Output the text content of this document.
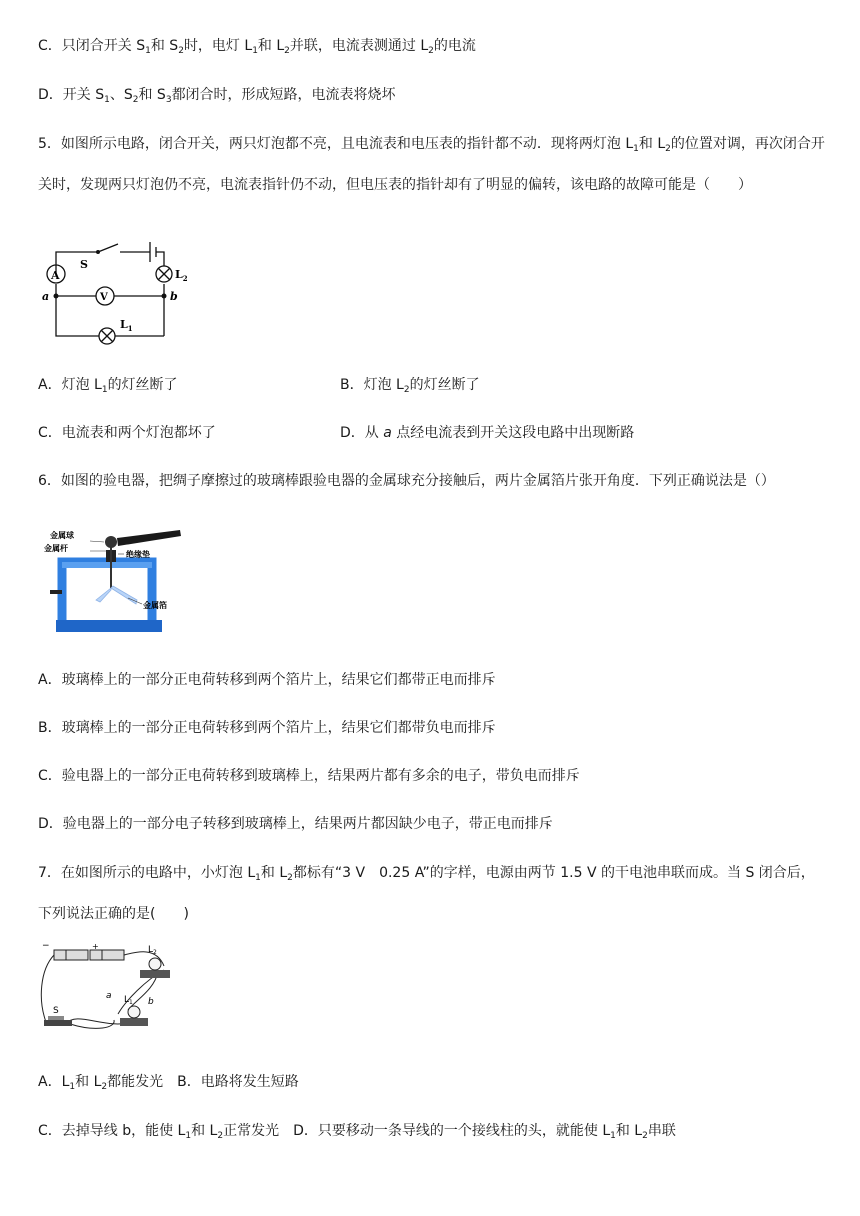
C．只闭合开关 $S_1$和 $S_2$时，电灯 $L_1$和 $L_2$并联，电流表测通过 $L_2$的电流
D．开关 $S_1$、$S_2$和 $S_3$都闭合时，形成短路，电流表将烧坏
5．如图所示电路，闭合开关，两只灯泡都不亮，且电流表和电压表的指针都不动．现将两灯泡 $L_1$和 $L_2$的位置对调，再次闭合开关时，发现两只灯泡仍不亮，电流表指针仍不动，但电压表的指针却有了明显的偏转，该电路的故障可能是（　　）
A
V
S
$L_2$
$L_1$
a	b
A．灯泡 $L_1$的灯丝断了	B．灯泡 $L_2$的灯丝断了
C．电流表和两个灯泡都坏了	D．从 a 点经电流表到开关这段电路中出现断路
6．如图的验电器，把绸子摩擦过的玻璃棒跟验电器的金属球充分接触后，两片金属箔片张开角度．下列正确说法是（）
金属球
金属杆
绝缘垫
金属箔
A．玻璃棒上的一部分正电荷转移到两个箔片上，结果它们都带正电而排斥
B．玻璃棒上的一部分正电荷转移到两个箔片上，结果它们都带负电而排斥
C．验电器上的一部分正电荷转移到玻璃棒上，结果两片都有多余的电子，带负电而排斥
D．验电器上的一部分电子转移到玻璃棒上，结果两片都因缺少电子，带正电而排斥
7．在如图所示的电路中，小灯泡 $L_1$和 $L_2$都标有“3 V　0.25 A”的字样，电源由两节 1.5 V 的干电池串联而成。当 S 闭合后，下列说法正确的是(　　)
−	+	$L_2$
$L_1$
S
a
b
A．$L_1$和 $L_2$都能发光　B．电路将发生短路
C．去掉导线 b，能使 $L_1$和 $L_2$正常发光　D．只要移动一条导线的一个接线柱的头，就能使 $L_1$和 $L_2$串联
